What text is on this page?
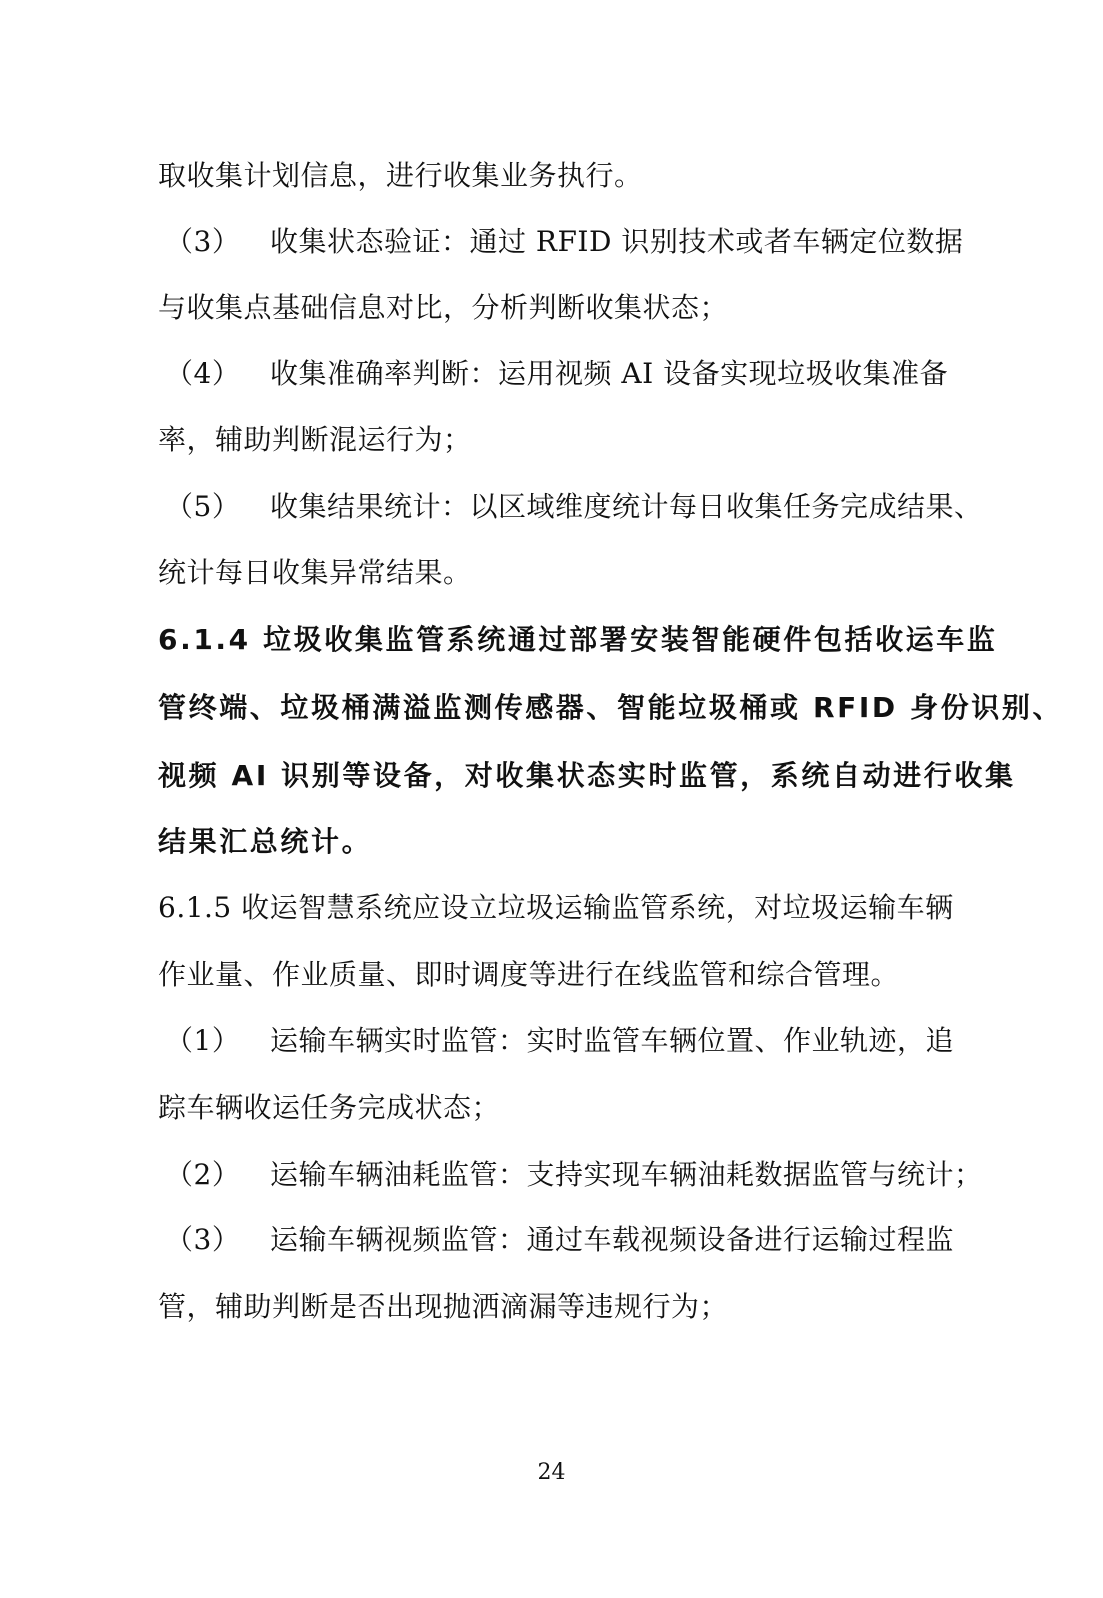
取收集计划信息，进行收集业务执行。
（3） 收集状态验证：通过 RFID 识别技术或者车辆定位数据
与收集点基础信息对比，分析判断收集状态；
（4） 收集准确率判断：运用视频 AI 设备实现垃圾收集准备
率，辅助判断混运行为；
（5） 收集结果统计：以区域维度统计每日收集任务完成结果、
统计每日收集异常结果。
6.1.4 垃圾收集监管系统通过部署安装智能硬件包括收运车监
管终端、垃圾桶满溢监测传感器、智能垃圾桶或 RFID 身份识别、
视频 AI 识别等设备，对收集状态实时监管，系统自动进行收集
结果汇总统计。
6.1.5 收运智慧系统应设立垃圾运输监管系统，对垃圾运输车辆
作业量、作业质量、即时调度等进行在线监管和综合管理。
（1） 运输车辆实时监管：实时监管车辆位置、作业轨迹，追
踪车辆收运任务完成状态；
（2） 运输车辆油耗监管：支持实现车辆油耗数据监管与统计；
（3） 运输车辆视频监管：通过车载视频设备进行运输过程监
管，辅助判断是否出现抛洒滴漏等违规行为；
24
